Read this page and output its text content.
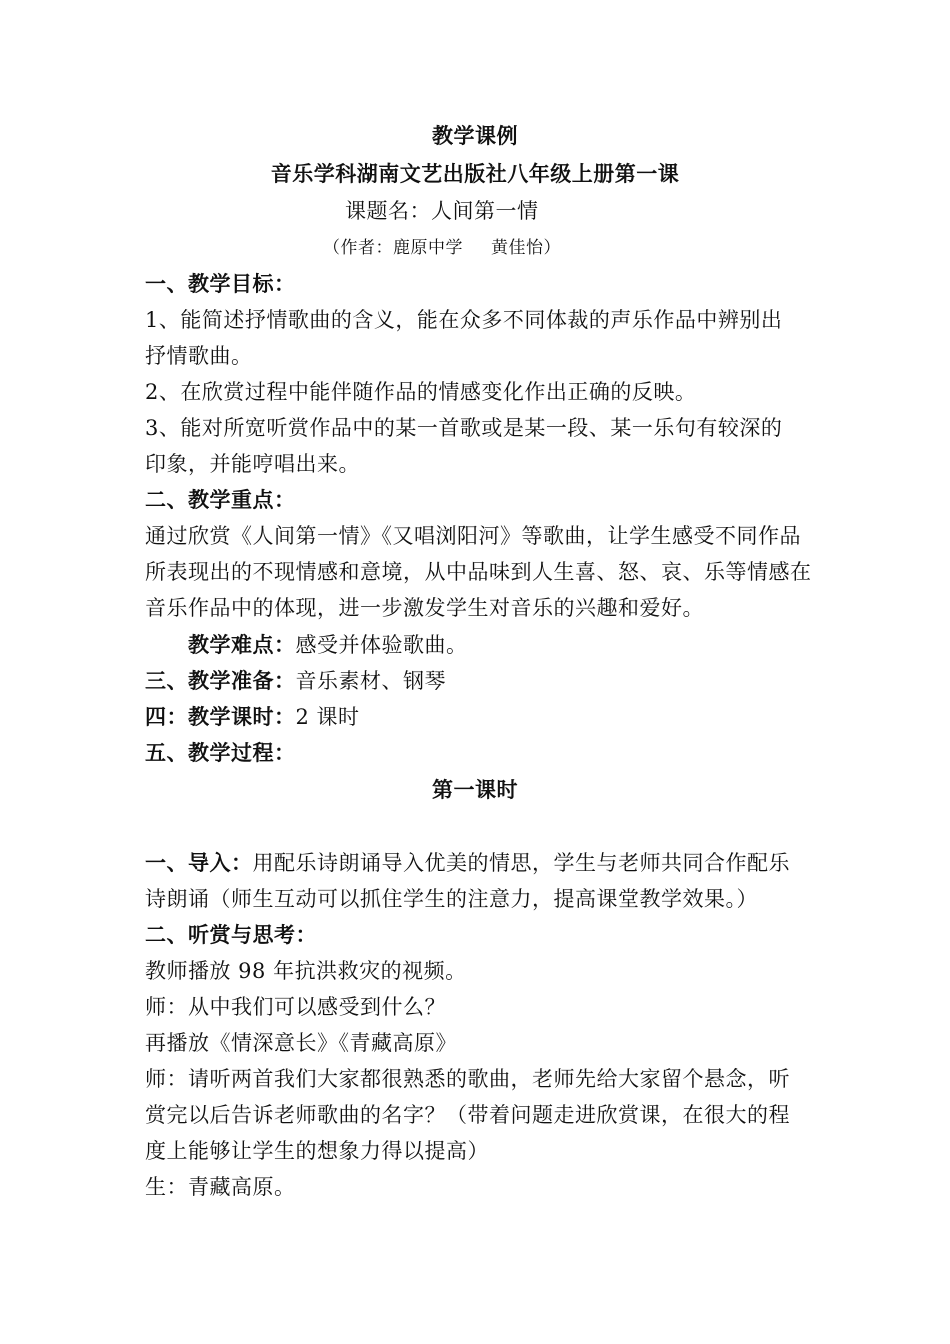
教学课例
音乐学科湖南文艺出版社八年级上册第一课
课题名：人间第一情
（作者：鹿原中学 黄佳怡）
一、教学目标：
1、能简述抒情歌曲的含义，能在众多不同体裁的声乐作品中辨别出
抒情歌曲。
2、在欣赏过程中能伴随作品的情感变化作出正确的反映。
3、能对所宽听赏作品中的某一首歌或是某一段、某一乐句有较深的
印象，并能哼唱出来。
二、教学重点：
通过欣赏《人间第一情》《又唱浏阳河》等歌曲，让学生感受不同作品
所表现出的不现情感和意境，从中品味到人生喜、怒、哀、乐等情感在
音乐作品中的体现，进一步激发学生对音乐的兴趣和爱好。
教学难点：感受并体验歌曲。
三、教学准备：音乐素材、钢琴
四：教学课时：2 课时
五、教学过程：
第一课时
一、导入：用配乐诗朗诵导入优美的情思，学生与老师共同合作配乐
诗朗诵（师生互动可以抓住学生的注意力，提高课堂教学效果。）
二、听赏与思考：
教师播放 98 年抗洪救灾的视频。
师：从中我们可以感受到什么？
再播放《情深意长》《青藏高原》
师：请听两首我们大家都很熟悉的歌曲，老师先给大家留个悬念，听
赏完以后告诉老师歌曲的名字？（带着问题走进欣赏课，在很大的程
度上能够让学生的想象力得以提高）
生：青藏高原。
